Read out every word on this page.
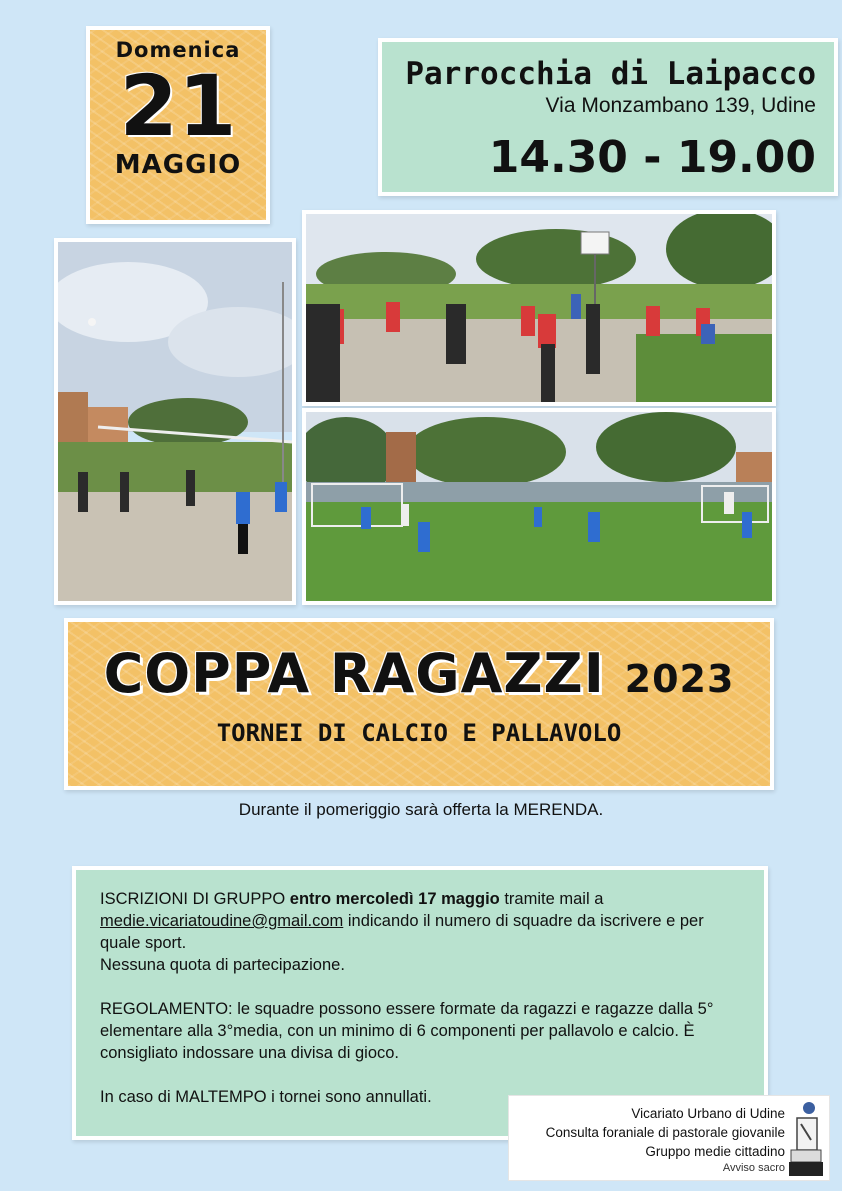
Domenica
21
MAGGIO
Parrocchia di Laipacco
Via Monzambano 139, Udine
14.30 - 19.00
COPPA RAGAZZI 2023
TORNEI DI CALCIO E PALLAVOLO
Durante il pomeriggio sarà offerta la MERENDA.

ISCRIZIONI DI GRUPPO entro mercoledì 17 maggio tramite mail a medie.vicariatoudine@gmail.com indicando il numero di squadre da iscrivere e per quale sport.
Nessuna quota di partecipazione.

REGOLAMENTO: le squadre possono essere formate da ragazzi e ragazze dalla 5° elementare alla 3°media, con un minimo di 6 componenti per pallavolo e calcio. È consigliato indossare una divisa di gioco.

In caso di MALTEMPO i tornei sono annullati.

Vicariato Urbano di Udine
Consulta foraniale di pastorale giovanile
Gruppo medie cittadino
Avviso sacro
